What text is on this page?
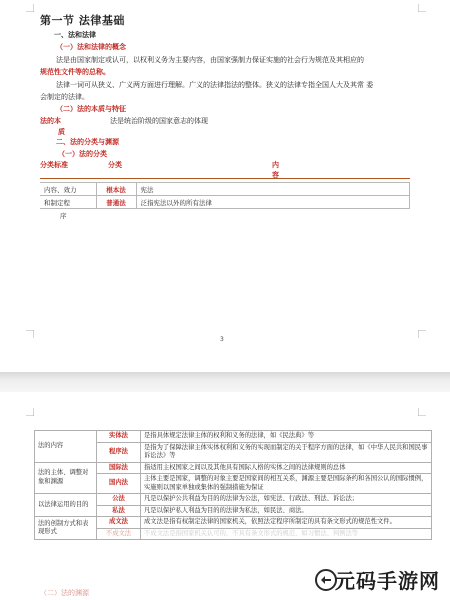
第一节 法律基础
一、法和法律
（一）法和法律的概念
法是由国家制定或认可，以权利义务为主要内容，由国家强制力保证实施的社会行为规范及其相应的
规范性文件等的总称。
法律一词可从狭义、广义两方面进行理解。广义的法律指法的整体。狭义的法律专指全国人大及其常 委
会制定的法律。
（二）法的本质与特征
法的本	法是统治阶级的国家意志的体现
质
二、法的分类与渊源
（一）法的分类
分类标准	分类	内
容
内容、效力	根本法	宪法
和制定程	普通法	泛指宪法以外的所有法律
序		
3
法的内容	实体法	是指具体规定法律主体的权利和义务的法律，如《民法典》等
	程序法	是指为了保障法律主体实体权利和义务的实现而制定的关于程序方面的法律，如《中华人民共和国民事诉讼法》等
法的主体、调整对象和渊源	国际法	指适用主权国家之间以及其他具有国际人格的实体之间的法律规则的总体
	国内法	主体主要是国家，调整的对象主要是国家间的相互关系，渊源主要是国际条约和各国公认的国际惯例，实施则以国家单独或集体的强制措施为保证
以法律运用的目的	公法	凡是以保护公共利益为目的的法律为公法，如宪法、行政法、刑法、诉讼法；
	私法	凡是以保护私人利益为目的的法律为私法，如民法、商法。
法的创制方式和表现形式	成文法	成文法是指有权制定法律的国家机关，依照法定程序所制定的具有条文形式的规范性文件。
	不成文法	不成文法是指国家机关认可的，不具有条文形式的规范，如习惯法、判例法等
（二）法的渊源	元码手游网
